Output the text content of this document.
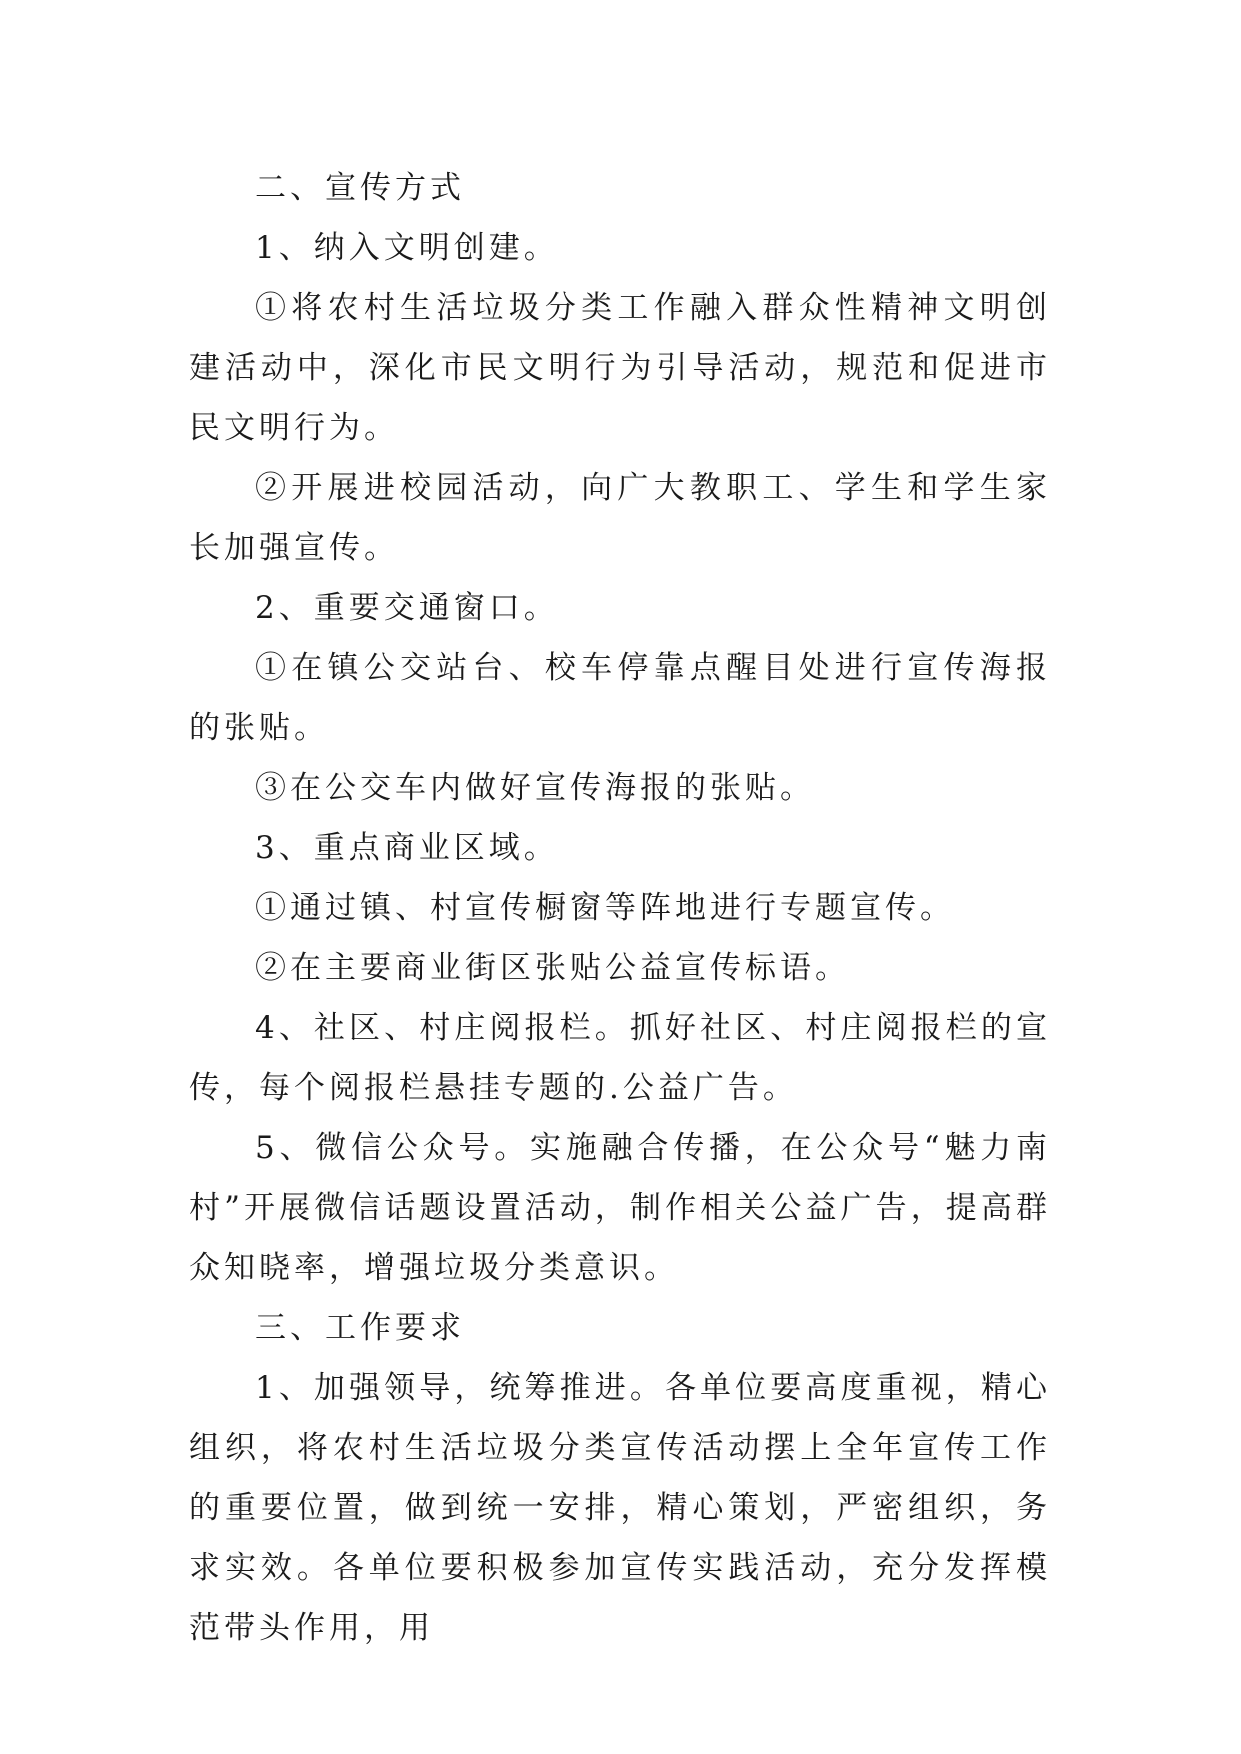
二、宣传方式

1、纳入文明创建。

①将农村生活垃圾分类工作融入群众性精神文明创建活动中，深化市民文明行为引导活动，规范和促进市民文明行为。

②开展进校园活动，向广大教职工、学生和学生家长加强宣传。

2、重要交通窗口。

①在镇公交站台、校车停靠点醒目处进行宣传海报的张贴。

③在公交车内做好宣传海报的张贴。

3、重点商业区域。

①通过镇、村宣传橱窗等阵地进行专题宣传。

②在主要商业街区张贴公益宣传标语。

4、社区、村庄阅报栏。抓好社区、村庄阅报栏的宣传，每个阅报栏悬挂专题的.公益广告。

5、微信公众号。实施融合传播，在公众号“魅力南村”开展微信话题设置活动，制作相关公益广告，提高群众知晓率，增强垃圾分类意识。

三、工作要求

1、加强领导，统筹推进。各单位要高度重视，精心组织，将农村生活垃圾分类宣传活动摆上全年宣传工作的重要位置，做到统一安排，精心策划，严密组织，务求实效。各单位要积极参加宣传实践活动，充分发挥模范带头作用，用
